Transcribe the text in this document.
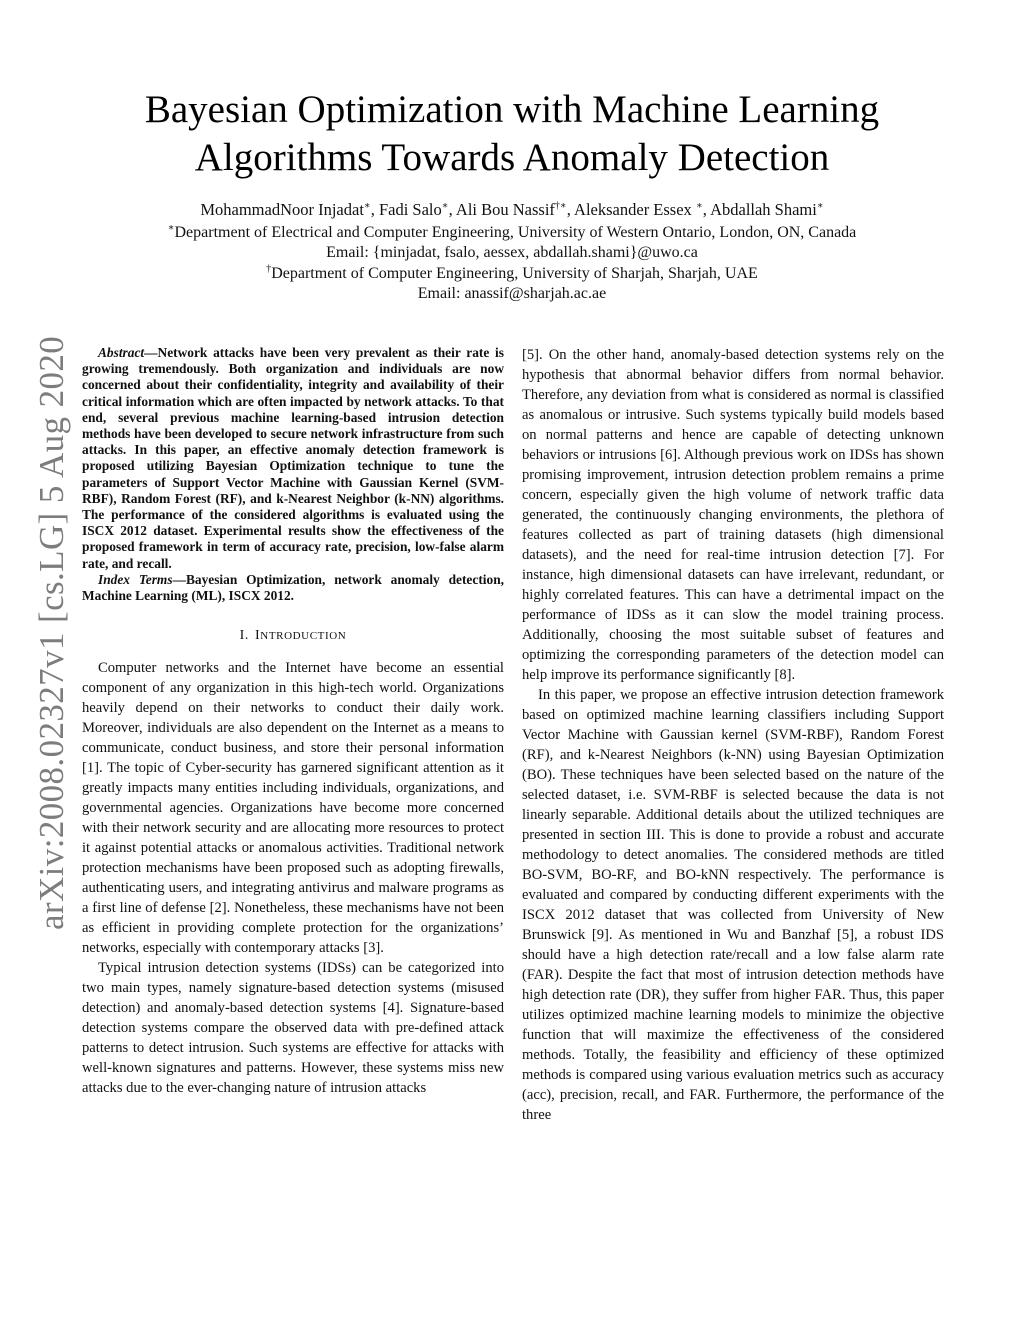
arXiv:2008.02327v1 [cs.LG] 5 Aug 2020
Bayesian Optimization with Machine Learning
Algorithms Towards Anomaly Detection
MohammadNoor Injadat∗, Fadi Salo∗, Ali Bou Nassif†∗, Aleksander Essex ∗, Abdallah Shami∗
∗Department of Electrical and Computer Engineering, University of Western Ontario, London, ON, Canada
Email: {minjadat, fsalo, aessex, abdallah.shami}@uwo.ca
†Department of Computer Engineering, University of Sharjah, Sharjah, UAE
Email: anassif@sharjah.ac.ae

Abstract—Network attacks have been very prevalent as their rate is growing tremendously. Both organization and individuals are now concerned about their confidentiality, integrity and availability of their critical information which are often impacted by network attacks. To that end, several previous machine learning-based intrusion detection methods have been developed to secure network infrastructure from such attacks. In this paper, an effective anomaly detection framework is proposed utilizing Bayesian Optimization technique to tune the parameters of Support Vector Machine with Gaussian Kernel (SVM-RBF), Random Forest (RF), and k-Nearest Neighbor (k-NN) algorithms. The performance of the considered algorithms is evaluated using the ISCX 2012 dataset. Experimental results show the effectiveness of the proposed framework in term of accuracy rate, precision, low-false alarm rate, and recall.

Index Terms—Bayesian Optimization, network anomaly detection, Machine Learning (ML), ISCX 2012.

I. INTRODUCTION

Computer networks and the Internet have become an essential component of any organization in this high-tech world. Organizations heavily depend on their networks to conduct their daily work. Moreover, individuals are also dependent on the Internet as a means to communicate, conduct business, and store their personal information [1]. The topic of Cyber-security has garnered significant attention as it greatly impacts many entities including individuals, organizations, and governmental agencies. Organizations have become more concerned with their network security and are allocating more resources to protect it against potential attacks or anomalous activities. Traditional network protection mechanisms have been proposed such as adopting firewalls, authenticating users, and integrating antivirus and malware programs as a first line of defense [2]. Nonetheless, these mechanisms have not been as efficient in providing complete protection for the organizations’ networks, especially with contemporary attacks [3].

Typical intrusion detection systems (IDSs) can be categorized into two main types, namely signature-based detection systems (misused detection) and anomaly-based detection systems [4]. Signature-based detection systems compare the observed data with pre-defined attack patterns to detect intrusion. Such systems are effective for attacks with well-known signatures and patterns. However, these systems miss new attacks due to the ever-changing nature of intrusion attacks

[5]. On the other hand, anomaly-based detection systems rely on the hypothesis that abnormal behavior differs from normal behavior. Therefore, any deviation from what is considered as normal is classified as anomalous or intrusive. Such systems typically build models based on normal patterns and hence are capable of detecting unknown behaviors or intrusions [6]. Although previous work on IDSs has shown promising improvement, intrusion detection problem remains a prime concern, especially given the high volume of network traffic data generated, the continuously changing environments, the plethora of features collected as part of training datasets (high dimensional datasets), and the need for real-time intrusion detection [7]. For instance, high dimensional datasets can have irrelevant, redundant, or highly correlated features. This can have a detrimental impact on the performance of IDSs as it can slow the model training process. Additionally, choosing the most suitable subset of features and optimizing the corresponding parameters of the detection model can help improve its performance significantly [8].

In this paper, we propose an effective intrusion detection framework based on optimized machine learning classifiers including Support Vector Machine with Gaussian kernel (SVM-RBF), Random Forest (RF), and k-Nearest Neighbors (k-NN) using Bayesian Optimization (BO). These techniques have been selected based on the nature of the selected dataset, i.e. SVM-RBF is selected because the data is not linearly separable. Additional details about the utilized techniques are presented in section III. This is done to provide a robust and accurate methodology to detect anomalies. The considered methods are titled BO-SVM, BO-RF, and BO-kNN respectively. The performance is evaluated and compared by conducting different experiments with the ISCX 2012 dataset that was collected from University of New Brunswick [9]. As mentioned in Wu and Banzhaf [5], a robust IDS should have a high detection rate/recall and a low false alarm rate (FAR). Despite the fact that most of intrusion detection methods have high detection rate (DR), they suffer from higher FAR. Thus, this paper utilizes optimized machine learning models to minimize the objective function that will maximize the effectiveness of the considered methods. Totally, the feasibility and efficiency of these optimized methods is compared using various evaluation metrics such as accuracy (acc), precision, recall, and FAR. Furthermore, the performance of the three
